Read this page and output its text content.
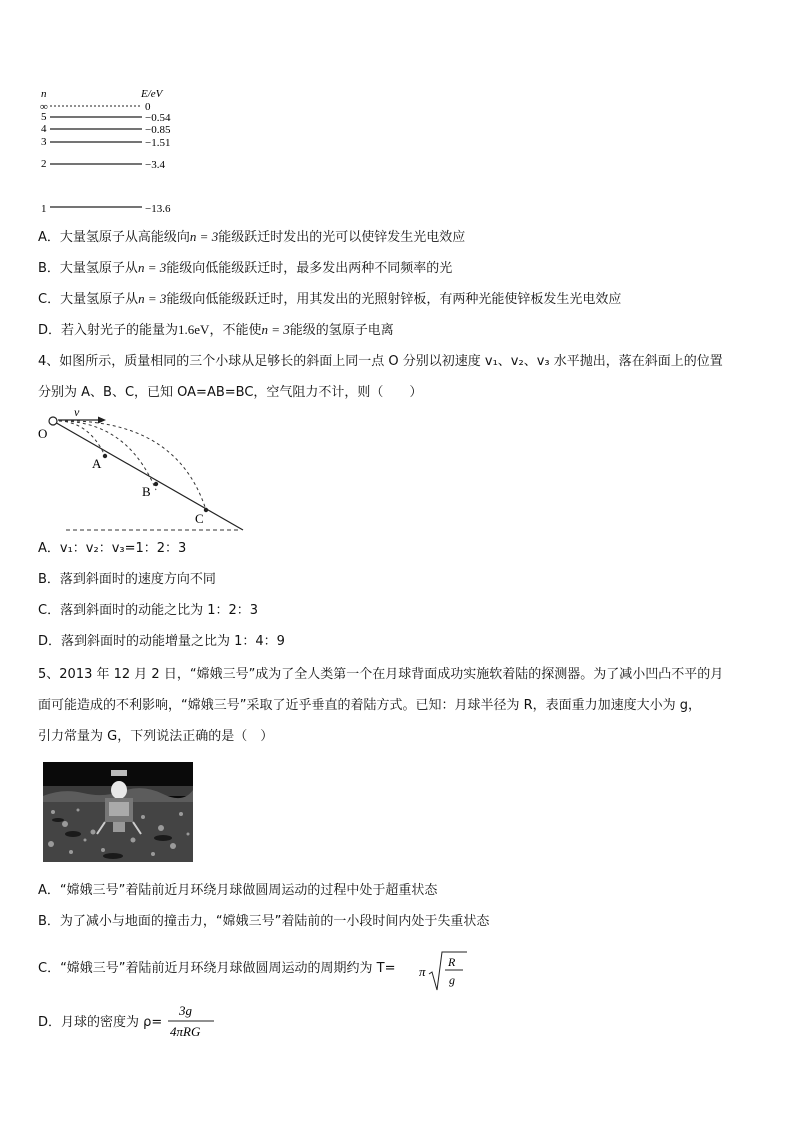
n	E/eV
∞	0
5	−0.54
4	−0.85
3	−1.51
2	−3.4
1	−13.6
A．大量氢原子从高能级向n = 3能级跃迁时发出的光可以使锌发生光电效应
B．大量氢原子从n = 3能级向低能级跃迁时，最多发出两种不同频率的光
C．大量氢原子从n = 3能级向低能级跃迁时，用其发出的光照射锌板，有两种光能使锌板发生光电效应
D．若入射光子的能量为1.6eV，不能使n = 3能级的氢原子电离
4、如图所示，质量相同的三个小球从足够长的斜面上同一点 O 分别以初速度 v₁、v₂、v₃ 水平抛出，落在斜面上的位置
分别为 A、B、C，已知 OA=AB=BC，空气阻力不计，则（　　）
v
O
A
B
C
A．v₁：v₂：v₃=1：2：3
B．落到斜面时的速度方向不同
C．落到斜面时的动能之比为 1：2：3
D．落到斜面时的动能增量之比为 1：4：9
5、2013 年 12 月 2 日，“嫦娥三号”成为了全人类第一个在月球背面成功实施软着陆的探测器。为了减小凹凸不平的月
面可能造成的不利影响，“嫦娥三号”采取了近乎垂直的着陆方式。已知：月球半径为 R，表面重力加速度大小为 g，
引力常量为 G，下列说法正确的是（　）
A．“嫦娥三号”着陆前近月环绕月球做圆周运动的过程中处于超重状态
B．为了减小与地面的撞击力，“嫦娥三号”着陆前的一小段时间内处于失重状态
C．“嫦娥三号”着陆前近月环绕月球做圆周运动的周期约为 T= π
R
g
D．月球的密度为 ρ=
3g
4πRG
